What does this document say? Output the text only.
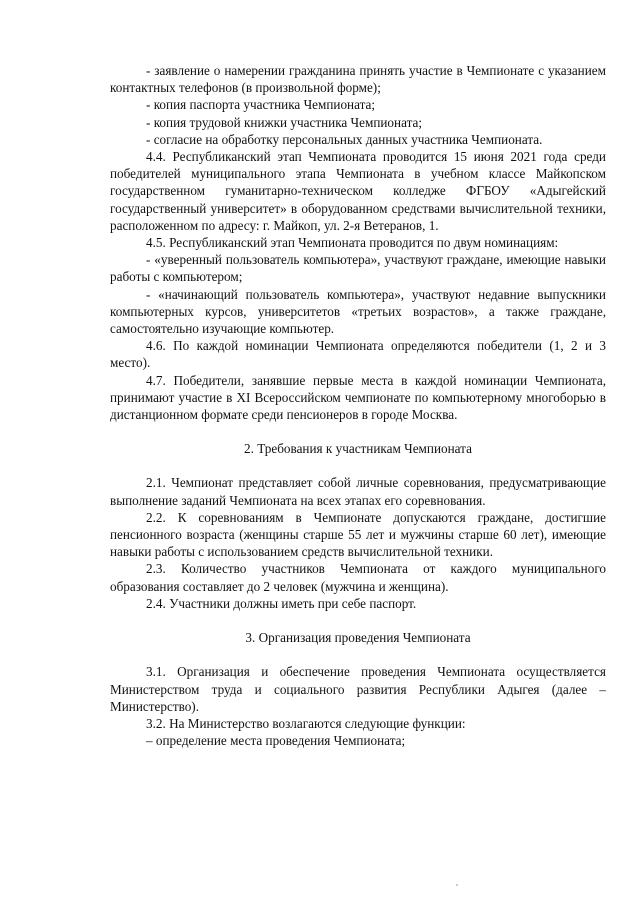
- заявление о намерении гражданина принять участие в Чемпионате с указанием контактных телефонов (в произвольной форме);

- копия паспорта участника Чемпионата;

- копия трудовой книжки участника Чемпионата;

- согласие на обработку персональных данных участника Чемпионата.

4.4. Республиканский этап Чемпионата проводится 15 июня 2021 года среди победителей муниципального этапа Чемпионата в учебном классе Майкопском государственном гуманитарно-техническом колледже ФГБОУ «Адыгейский государственный университет» в оборудованном средствами вычислительной техники, расположенном по адресу: г. Майкоп, ул. 2-я Ветеранов, 1.

4.5. Республиканский этап Чемпионата проводится по двум номинациям:

- «уверенный пользователь компьютера», участвуют граждане, имеющие навыки работы с компьютером;

- «начинающий пользователь компьютера», участвуют недавние выпускники компьютерных курсов, университетов «третьих возрастов», а также граждане, самостоятельно изучающие компьютер.

4.6. По каждой номинации Чемпионата определяются победители (1, 2 и 3 место).

4.7. Победители, занявшие первые места в каждой номинации Чемпионата, принимают участие в XI Всероссийском чемпионате по компьютерному многоборью в дистанционном формате среди пенсионеров в городе Москва.

2. Требования к участникам Чемпионата

2.1. Чемпионат представляет собой личные соревнования, предусматривающие выполнение заданий Чемпионата на всех этапах его соревнования.

2.2. К соревнованиям в Чемпионате допускаются граждане, достигшие пенсионного возраста (женщины старше 55 лет и мужчины старше 60 лет), имеющие навыки работы с использованием средств вычислительной техники.

2.3. Количество участников Чемпионата от каждого муниципального образования составляет до 2 человек (мужчина и женщина).

2.4. Участники должны иметь при себе паспорт.

3. Организация проведения Чемпионата

3.1. Организация и обеспечение проведения Чемпионата осуществляется Министерством труда и социального развития Республики Адыгея (далее – Министерство).

3.2. На Министерство возлагаются следующие функции:

– определение места проведения Чемпионата;
